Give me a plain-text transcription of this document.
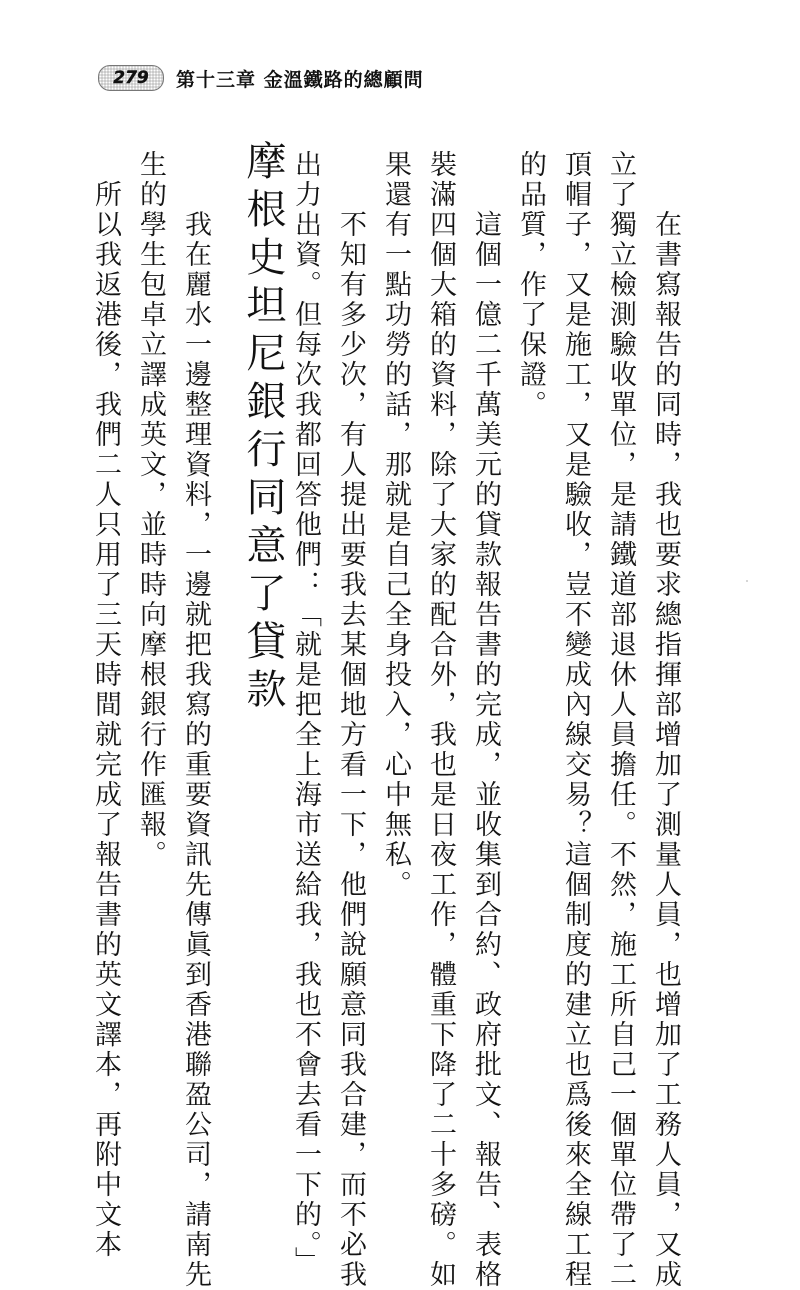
279	第十三章 金溫鐵路的總顧問
　在書寫報告的同時，我也要求總指揮部增加了測量人員，也增加了工務人員，又成
立了獨立檢測驗收單位，是請鐵道部退休人員擔任。不然，施工所自己一個單位帶了二
頂帽子，又是施工，又是驗收，豈不變成內線交易？這個制度的建立也爲後來全線工程
的品質，作了保證。
　這個一億二千萬美元的貸款報告書的完成，並收集到合約、政府批文、報告、表格
裝滿四個大箱的資料，除了大家的配合外，我也是日夜工作，體重下降了二十多磅。如
果還有一點功勞的話，那就是自己全身投入，心中無私。
　不知有多少次，有人提出要我去某個地方看一下，他們說願意同我合建，而不必我
出力出資。但每次我都回答他們：「就是把全上海市送給我，我也不會去看一下的。」
摩根史坦尼銀行同意了貸款
　我在麗水一邊整理資料，一邊就把我寫的重要資訊先傳眞到香港聯盈公司，請南先
生的學生包卓立譯成英文，並時時向摩根銀行作匯報。
所以我返港後，我們二人只用了三天時間就完成了報告書的英文譯本，再附中文本
